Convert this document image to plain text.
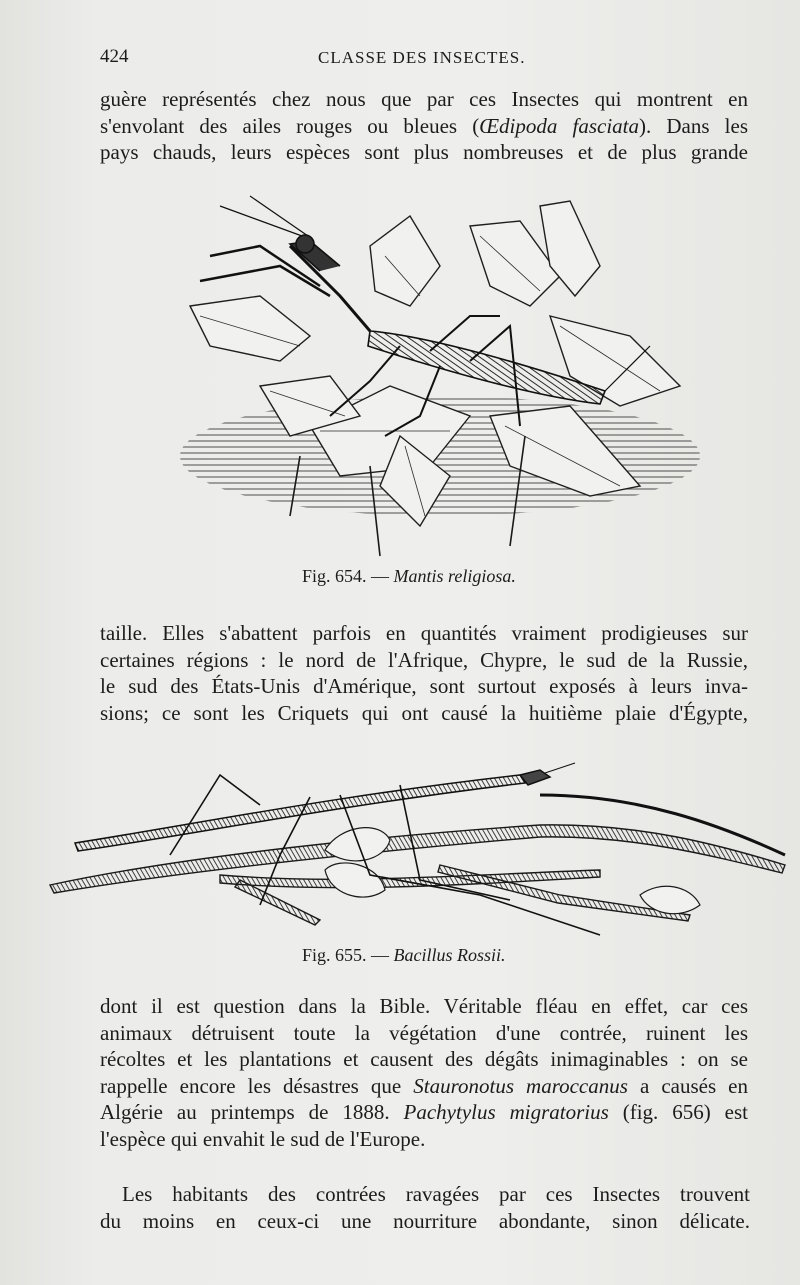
424	CLASSE DES INSECTES.

guère représentés chez nous que par ces Insectes qui montrent en
s'envolant des ailes rouges ou bleues (Œdipoda fasciata). Dans les
pays chauds, leurs espèces sont plus nombreuses et de plus grande

Fig. 654. — Mantis religiosa.

taille. Elles s'abattent parfois en quantités vraiment prodigieuses sur
certaines régions : le nord de l'Afrique, Chypre, le sud de la Russie,
le sud des États-Unis d'Amérique, sont surtout exposés à leurs inva-
sions; ce sont les Criquets qui ont causé la huitième plaie d'Égypte,

Fig. 655. — Bacillus Rossii.

dont il est question dans la Bible. Véritable fléau en effet, car ces
animaux détruisent toute la végétation d'une contrée, ruinent les
récoltes et les plantations et causent des dégâts inimaginables : on se
rappelle encore les désastres que Stauronotus maroccanus a causés en
Algérie au printemps de 1888. Pachytylus migratorius (fig. 656) est
l'espèce qui envahit le sud de l'Europe.

Les habitants des contrées ravagées par ces Insectes trouvent
du moins en ceux-ci une nourriture abondante, sinon délicate.
